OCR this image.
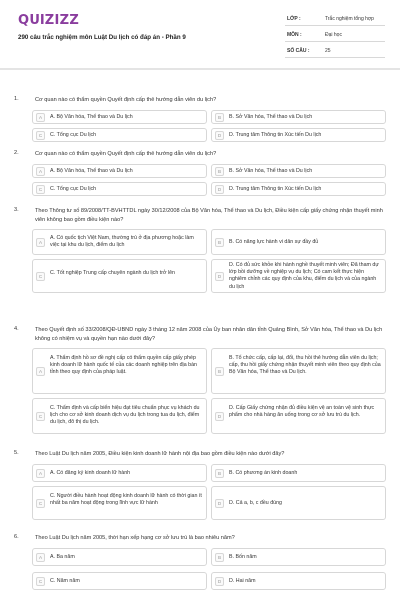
QUIZIZZ
290 câu trắc nghiệm môn Luật Du lịch có đáp án - Phần 9
LỚP :	Trắc nghiệm tổng hợp
MÔN :	Đại học
SỐ CÂU :	25
1.	Cơ quan nào có thẩm quyền Quyết định cấp thẻ hướng dẫn viên du lịch?
A	A. Bộ Văn hóa, Thể thao và Du lịch	B	B. Sở Văn hóa, Thể thao và Du lịch
C	C. Tổng cục Du lịch	D	D. Trung tâm Thông tin Xúc tiến Du lịch
2.	Cơ quan nào có thẩm quyền Quyết định cấp thẻ hướng dẫn viên du lịch?
A	A. Bộ Văn hóa, Thể thao và Du lịch	B	B. Sở Văn hóa, Thể thao và Du lịch
C	C. Tổng cục Du lịch	D	D. Trung tâm Thông tin Xúc tiến Du lịch
3.	Theo Thông tư số 89/2008/TT-BVHTTDL ngày 30/12/2008 của Bộ Văn hóa, Thể thao và Du lịch, Điều kiện cấp giấy chứng nhận thuyết minh viên không bao gồm điều kiện nào?
A
A. Có quốc tịch Việt Nam, thường trú ở địa phương hoặc làm việc tại khu du lịch, điểm du lịch	B	B. Có năng lực hành vi dân sự đầy đủ
C
C. Tốt nghiệp Trung cấp chuyên ngành du lịch trở lên
D
D. Có đủ sức khỏe khi hành nghề thuyết minh viên; Đã tham dự lớp bồi dưỡng về nghiệp vụ du lịch; Có cam kết thực hiện nghiêm chỉnh các quy định của khu, điểm du lịch và của ngành du lịch
4.	Theo Quyết định số 33/2008/QĐ-UBND ngày 3 tháng 12 năm 2008 của Ủy ban nhân dân tỉnh Quảng Bình, Sở Văn hóa, Thể thao và Du lịch không có nhiệm vụ và quyền hạn nào dưới đây?
A
A. Thẩm định hồ sơ đề nghị cấp có thẩm quyền cấp giấy phép kinh doanh lữ hành quốc tế của các doanh nghiệp trên địa bàn tỉnh theo quy định của pháp luật.	B
B. Tổ chức cấp, cấp lại, đổi, thu hồi thẻ hướng dẫn viên du lịch; cấp, thu hồi giấy chứng nhận thuyết minh viên theo quy định của Bộ Văn hóa, Thể thao và Du lịch.
C
C. Thẩm định và cấp biển hiệu đạt tiêu chuẩn phục vụ khách du lịch cho cơ sở kinh doanh dịch vụ du lịch trong tua du lịch, điểm du lịch, đô thị du lịch.
D
D. Cấp Giấy chứng nhận đủ điều kiện vệ an toàn vệ sinh thực phẩm cho nhà hàng ăn uống trong cơ sở lưu trú du lịch.
5.	Theo Luật Du lịch năm 2005, Điều kiện kinh doanh lữ hành nội địa bao gồm điều kiện nào dưới đây?
A	A. Có đăng ký kinh doanh lữ hành	B	B. Có phương án kinh doanh
C
C. Người điều hành hoạt động kinh doanh lữ hành có thời gian ít nhất ba năm hoạt động trong lĩnh vực lữ hành	D	D. Cả a, b, c đều đúng
6.	Theo Luật Du lịch năm 2005, thời hạn xếp hạng cơ sở lưu trú là bao nhiêu năm?
A	A. Ba năm	B	B. Bốn năm
C	C. Năm năm	D	D. Hai năm
